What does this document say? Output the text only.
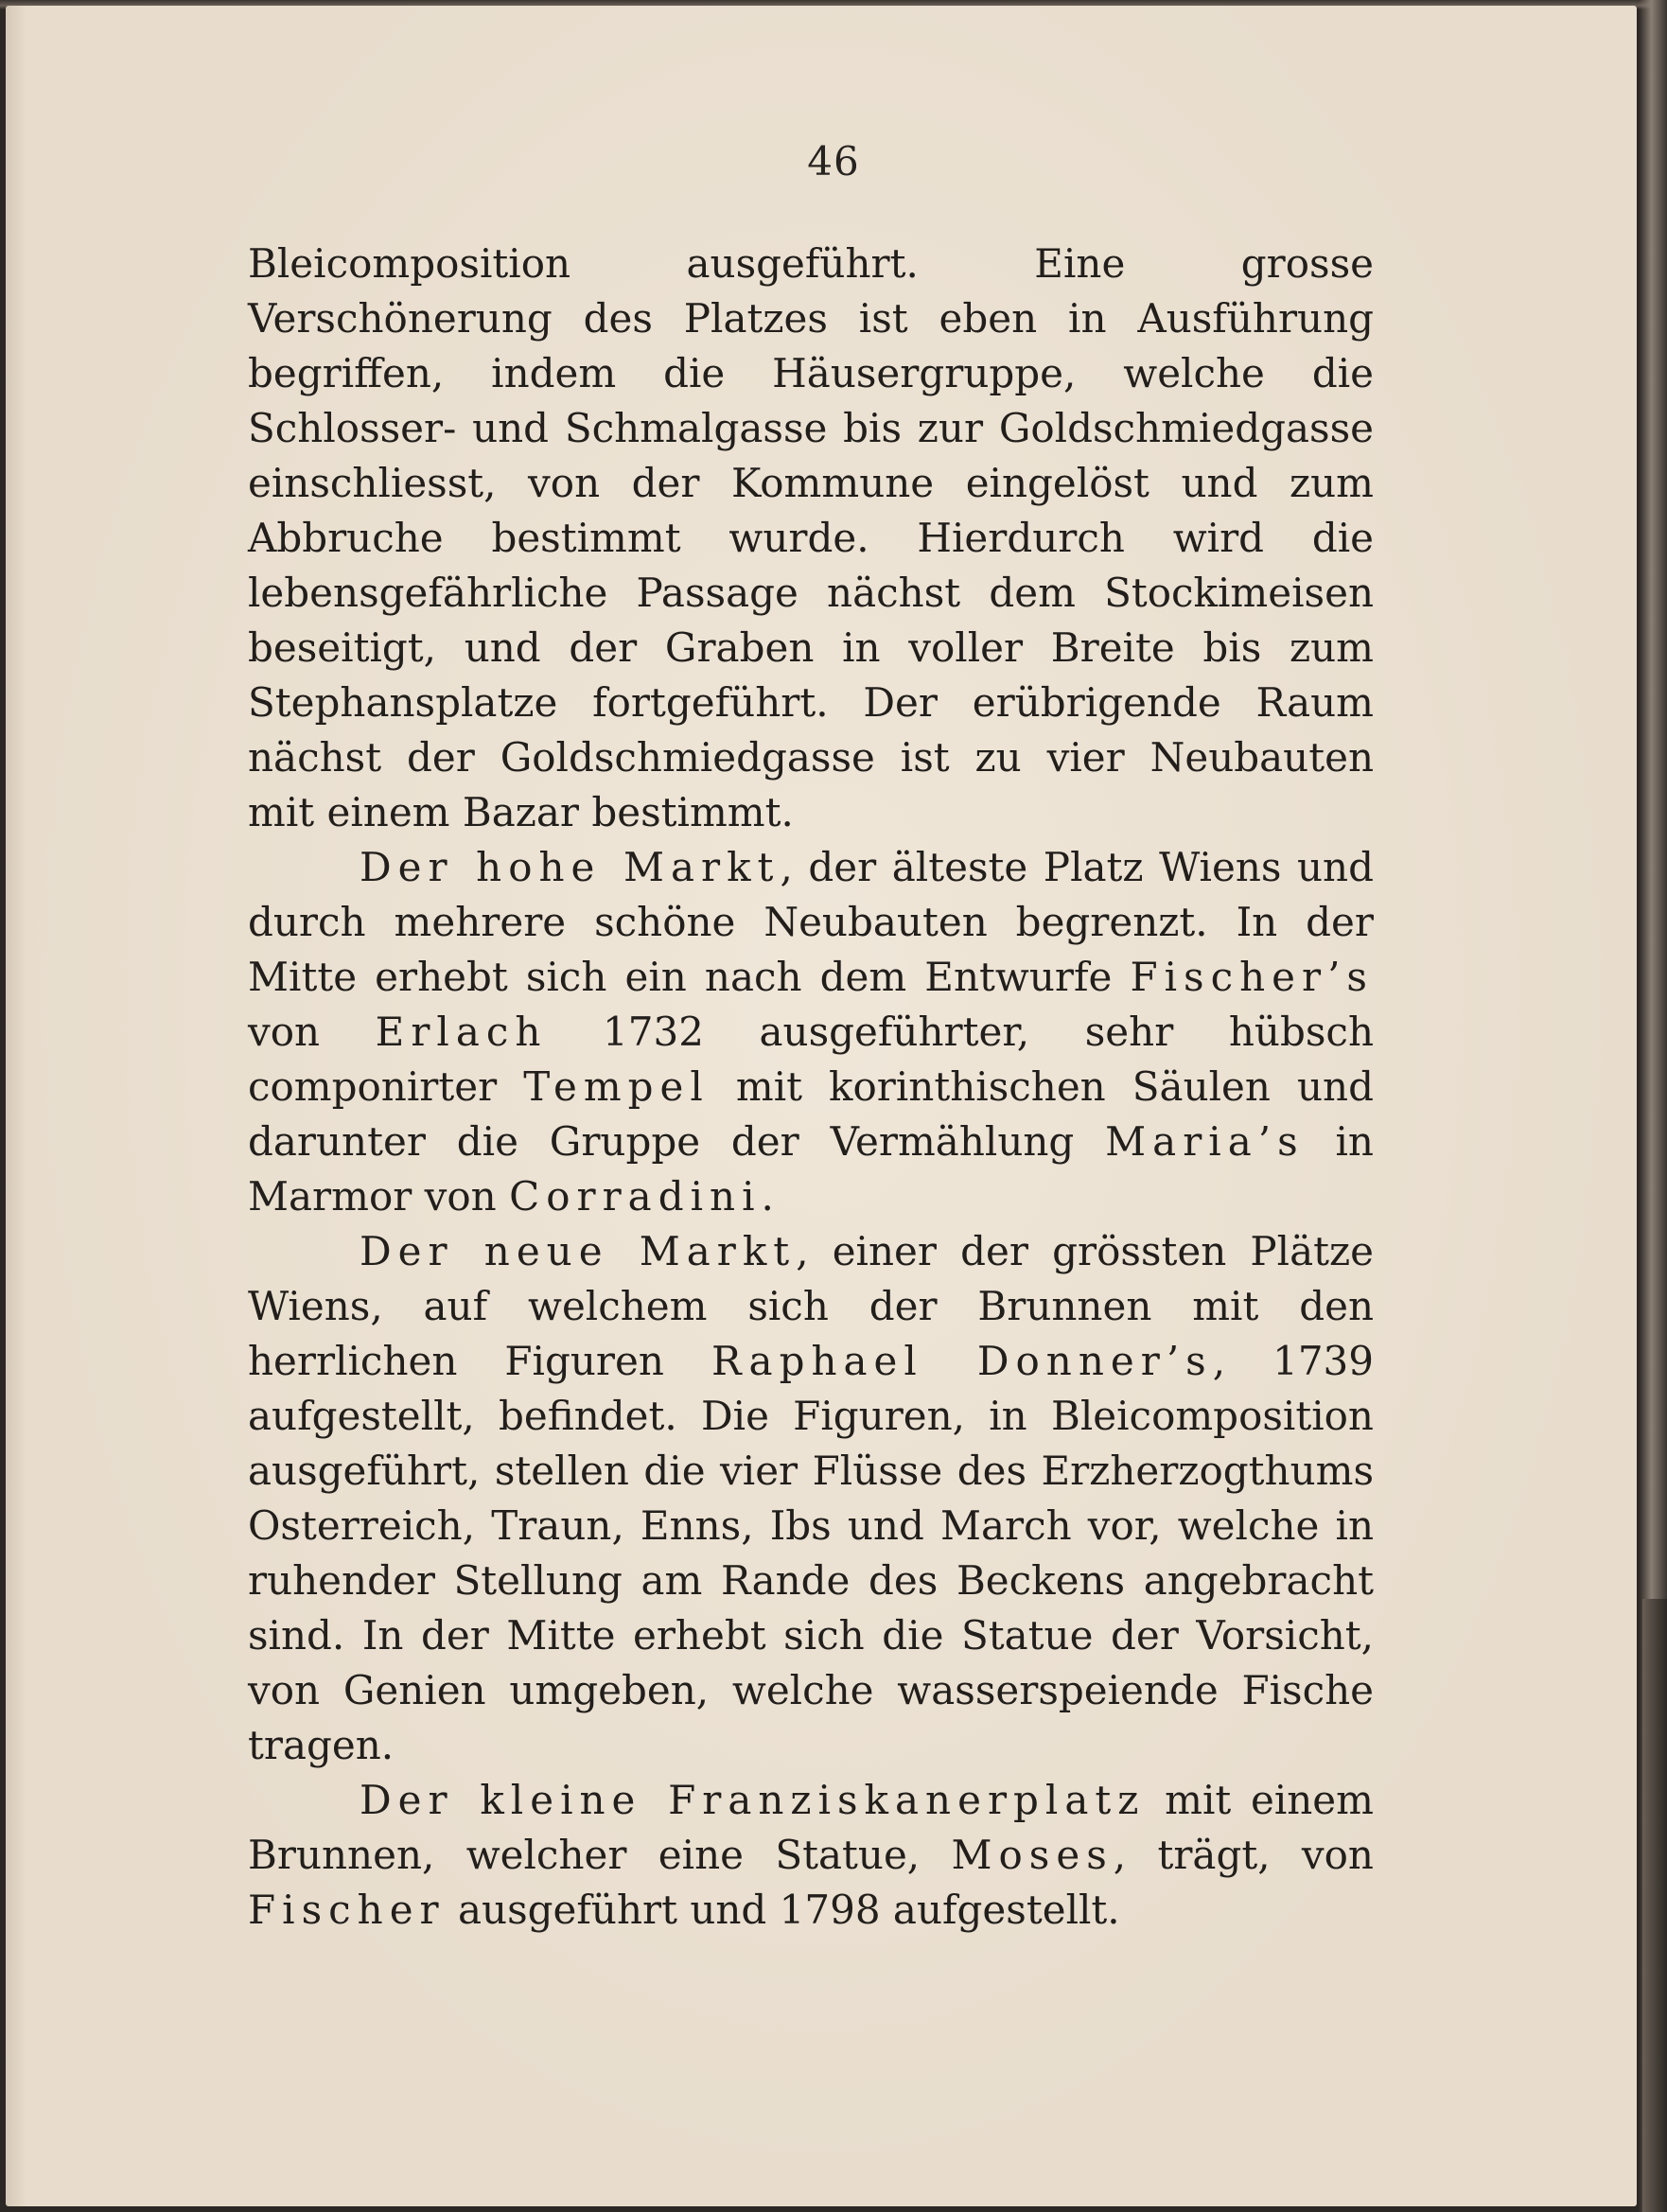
46

Bleicomposition ausgeführt. Eine grosse Verschönerung des Platzes ist eben in Ausführung begriffen, indem die Häusergruppe, welche die Schlosser- und Schmalgasse bis zur Goldschmiedgasse einschliesst, von der Kommune eingelöst und zum Abbruche bestimmt wurde. Hierdurch wird die lebensgefährliche Passage nächst dem Stockimeisen beseitigt, und der Graben in voller Breite bis zum Stephansplatze fortgeführt. Der erübrigende Raum nächst der Goldschmiedgasse ist zu vier Neubauten mit einem Bazar bestimmt.

Der hohe Markt, der älteste Platz Wiens und durch mehrere schöne Neubauten begrenzt. In der Mitte erhebt sich ein nach dem Entwurfe Fischer’s von Erlach 1732 ausgeführter, sehr hübsch componirter Tempel mit korinthischen Säulen und darunter die Gruppe der Vermählung Maria’s in Marmor von Corradini.

Der neue Markt, einer der grössten Plätze Wiens, auf welchem sich der Brunnen mit den herrlichen Figuren Raphael Donner’s, 1739 aufgestellt, befindet. Die Figuren, in Bleicomposition ausgeführt, stellen die vier Flüsse des Erzherzogthums Osterreich, Traun, Enns, Ibs und March vor, welche in ruhender Stellung am Rande des Beckens angebracht sind. In der Mitte erhebt sich die Statue der Vorsicht, von Genien umgeben, welche wasserspeiende Fische tragen.

Der kleine Franziskanerplatz mit einem Brunnen, welcher eine Statue, Moses, trägt, von Fischer ausgeführt und 1798 aufgestellt.
